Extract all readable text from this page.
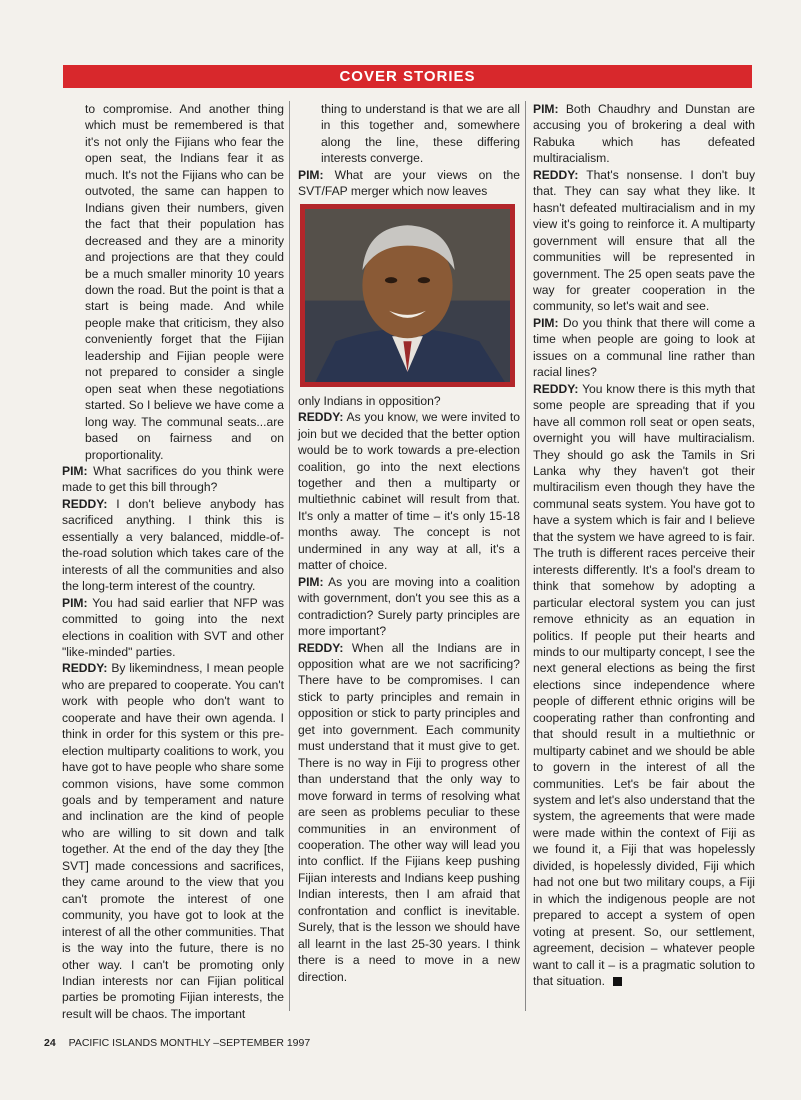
COVER STORIES

to compromise. And another thing which must be remembered is that it's not only the Fijians who fear the open seat, the Indians fear it as much. It's not the Fijians who can be outvoted, the same can happen to Indians given their numbers, given the fact that their population has decreased and they are a minority and projections are that they could be a much smaller minority 10 years down the road. But the point is that a start is being made. And while people make that criticism, they also conveniently forget that the Fijian leadership and Fijian people were not prepared to consider a single open seat when these negotiations started. So I believe we have come a long way. The communal seats...are based on fairness and on proportionality.

PIM: What sacrifices do you think were made to get this bill through?

REDDY: I don't believe anybody has sacrificed anything. I think this is essentially a very balanced, middle-of-the-road solution which takes care of the interests of all the communities and also the long-term interest of the country.

PIM: You had said earlier that NFP was committed to going into the next elections in coalition with SVT and other "like-minded" parties.

REDDY: By likemindness, I mean people who are prepared to cooperate. You can't work with people who don't want to cooperate and have their own agenda. I think in order for this system or this pre-election multiparty coalitions to work, you have got to have people who share some common visions, have some common goals and by temperament and nature and inclination are the kind of people who are willing to sit down and talk together. At the end of the day they [the SVT] made concessions and sacrifices, they came around to the view that you can't promote the interest of one community, you have got to look at the interest of all the other communities. That is the way into the future, there is no other way. I can't be promoting only Indian interests nor can Fijian political parties be promoting Fijian interests, the result will be chaos. The important

thing to understand is that we are all in this together and, somewhere along the line, these differing interests converge.

PIM: What are your views on the SVT/FAP merger which now leaves

only Indians in opposition?

REDDY: As you know, we were invited to join but we decided that the better option would be to work towards a pre-election coalition, go into the next elections together and then a multiparty or multiethnic cabinet will result from that. It's only a matter of time – it's only 15-18 months away. The concept is not undermined in any way at all, it's a matter of choice.

PIM: As you are moving into a coalition with government, don't you see this as a contradiction? Surely party principles are more important?

REDDY: When all the Indians are in opposition what are we not sacrificing? There have to be compromises. I can stick to party principles and remain in opposition or stick to party principles and get into government. Each community must understand that it must give to get. There is no way in Fiji to progress other than understand that the only way to move forward in terms of resolving what are seen as problems peculiar to these communities in an environment of cooperation. The other way will lead you into conflict. If the Fijians keep pushing Fijian interests and Indians keep pushing Indian interests, then I am afraid that confrontation and conflict is inevitable. Surely, that is the lesson we should have all learnt in the last 25-30 years. I think there is a need to move in a new direction.

PIM: Both Chaudhry and Dunstan are accusing you of brokering a deal with Rabuka which has defeated multiracialism.

REDDY: That's nonsense. I don't buy that. They can say what they like. It hasn't defeated multiracialism and in my view it's going to reinforce it. A multiparty government will ensure that all the communities will be represented in government. The 25 open seats pave the way for greater cooperation in the community, so let's wait and see.

PIM: Do you think that there will come a time when people are going to look at issues on a communal line rather than racial lines?

REDDY: You know there is this myth that some people are spreading that if you have all common roll seat or open seats, overnight you will have multiracialism. They should go ask the Tamils in Sri Lanka why they haven't got their multiracilism even though they have the communal seats system. You have got to have a system which is fair and I believe that the system we have agreed to is fair. The truth is different races perceive their interests differently. It's a fool's dream to think that somehow by adopting a particular electoral system you can just remove ethnicity as an equation in politics. If people put their hearts and minds to our multiparty concept, I see the next general elections as being the first elections since independence where people of different ethnic origins will be cooperating rather than confronting and that should result in a multiethnic or multiparty cabinet and we should be able to govern in the interest of all the communities. Let's be fair about the system and let's also understand that the system, the agreements that were made were made within the context of Fiji as we found it, a Fiji that was hopelessly divided, is hopelessly divided, Fiji which had not one but two military coups, a Fiji in which the indigenous people are not prepared to accept a system of open voting at present. So, our settlement, agreement, decision – whatever people want to call it – is a pragmatic solution to that situation.

24 PACIFIC ISLANDS MONTHLY –SEPTEMBER 1997
